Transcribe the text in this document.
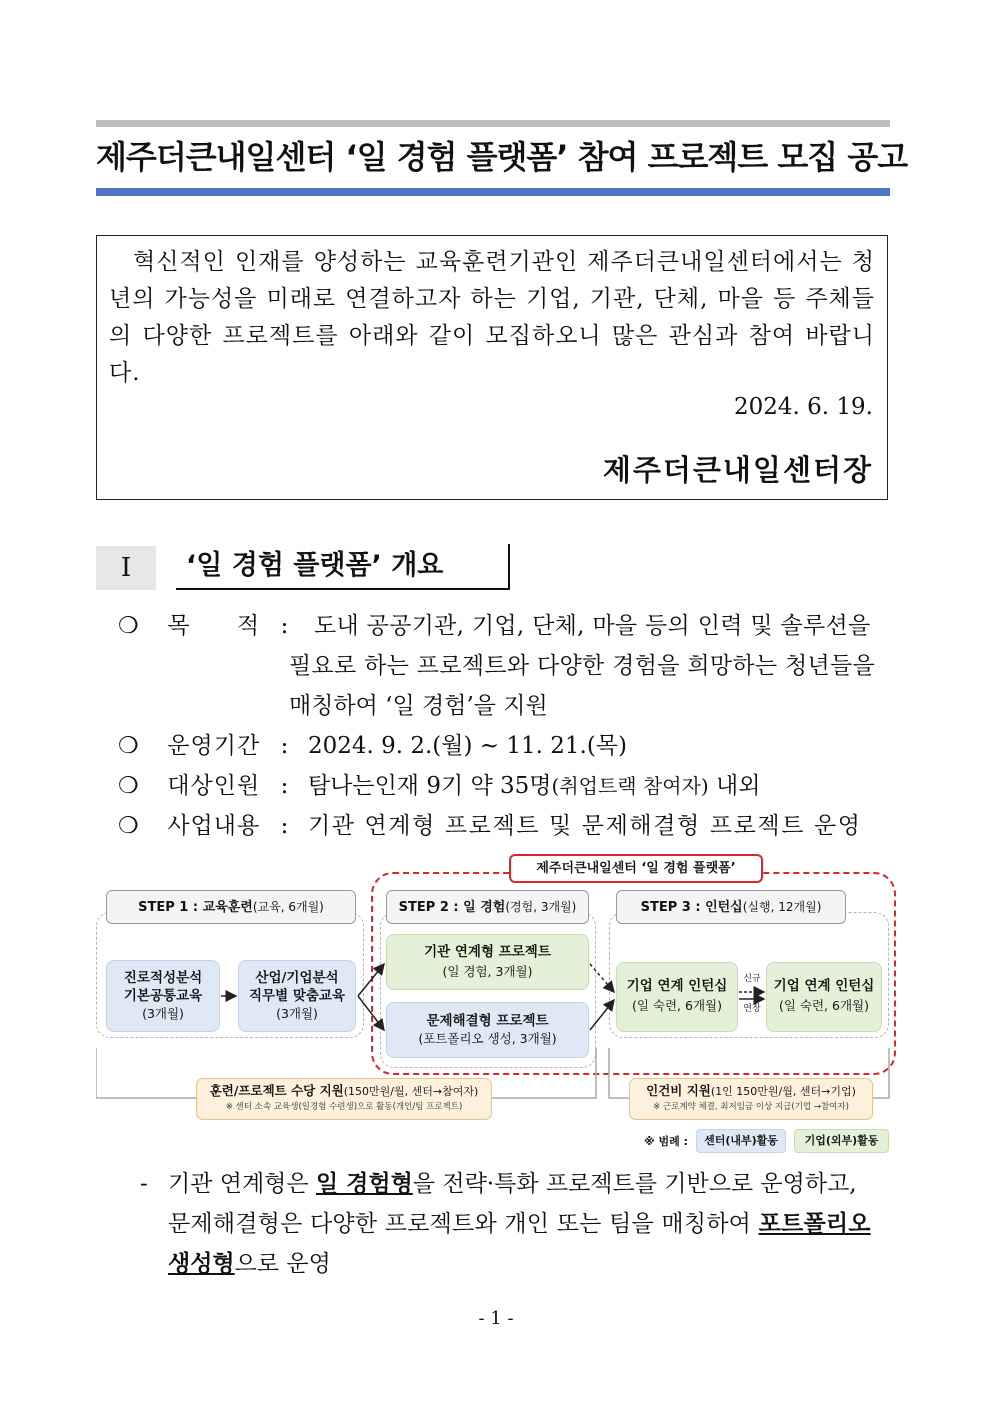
제주더큰내일센터 ‘일 경험 플랫폼’ 참여 프로젝트 모집 공고

혁신적인 인재를 양성하는 교육훈련기관인 제주더큰내일센터에서는 청년의 가능성을 미래로 연결하고자 하는 기업, 기관, 단체, 마을 등 주체들의 다양한 프로젝트를 아래와 같이 모집하오니 많은 관심과 참여 바랍니다.

2024. 6. 19.
제주더큰내일센터장
Ⅰ	‘일 경험 플랫폼’ 개요
❍ 목 적 : 도내 공공기관, 기업, 단체, 마을 등의 인력 및 솔루션을
필요로 하는 프로젝트와 다양한 경험을 희망하는 청년들을
매칭하여 ‘일 경험’을 지원
❍ 운영기간 : 2024. 9. 2.(월) ~ 11. 21.(목)
❍ 대상인원 : 탐나는인재 9기 약 35명(취업트랙 참여자) 내외
❍ 사업내용 : 기관 연계형 프로젝트 및 문제해결형 프로젝트 운영
제주더큰내일센터 ‘일 경험 플랫폼’
STEP 1 : 교육훈련(교육, 6개월)	STEP 2 : 일 경험(경험, 3개월)	STEP 3 : 인턴십(실행, 12개월)
진로적성분석
기본공통교육
(3개월)
산업/기업분석
직무별 맞춤교육
(3개월)
기관 연계형 프로젝트
(일 경험, 3개월)
문제해결형 프로젝트
(포트폴리오 생성, 3개월)
기업 연계 인턴십
(일 숙련, 6개월)
기업 연계 인턴십
(일 숙련, 6개월)
신규
연장
훈련/프로젝트 수당 지원(150만원/월, 센터→참여자)
※ 센터 소속 교육생(일경험 수련생)으로 활동(개인/팀 프로젝트)
인건비 지원(1인 150만원/월, 센터→기업)
※ 근로계약 체결, 최저임금 이상 지급(기업 →참여자)
※ 범례 :	센터(내부)활동	기업(외부)활동
- 기관 연계형은 일 경험형을 전략·특화 프로젝트를 기반으로 운영하고,
문제해결형은 다양한 프로젝트와 개인 또는 팀을 매칭하여 포트폴리오
생성형으로 운영
- 1 -
